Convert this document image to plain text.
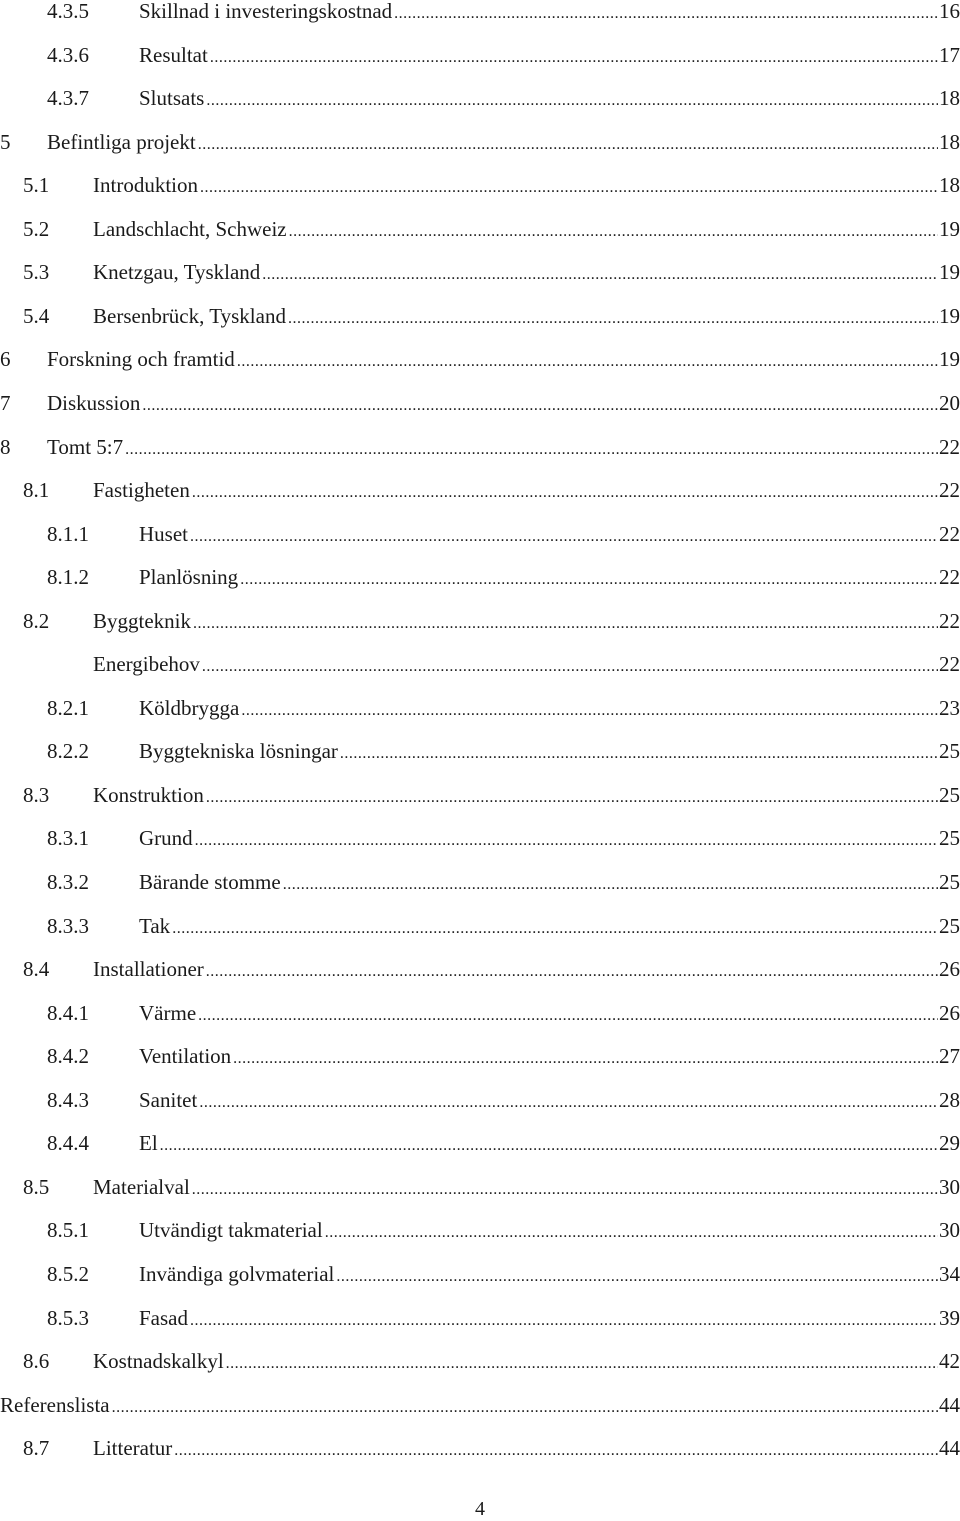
4.3.5	Skillnad i investeringskostnad .....	16
4.3.6	Resultat .....	17
4.3.7	Slutsats .....	18
5	Befintliga projekt .....	18
5.1	Introduktion .....	18
5.2	Landschlacht, Schweiz .....	19
5.3	Knetzgau, Tyskland .....	19
5.4	Bersenbrück, Tyskland .....	19
6	Forskning och framtid .....	19
7	Diskussion .....	20
8	Tomt 5:7 .....	22
8.1	Fastigheten .....	22
8.1.1	Huset .....	22
8.1.2	Planlösning .....	22
8.2	Byggteknik .....	22
Energibehov .....	22
8.2.1	Köldbrygga .....	23
8.2.2	Byggtekniska lösningar .....	25
8.3	Konstruktion .....	25
8.3.1	Grund .....	25
8.3.2	Bärande stomme .....	25
8.3.3	Tak .....	25
8.4	Installationer .....	26
8.4.1	Värme .....	26
8.4.2	Ventilation .....	27
8.4.3	Sanitet .....	28
8.4.4	El .....	29
8.5	Materialval .....	30
8.5.1	Utvändigt takmaterial .....	30
8.5.2	Invändiga golvmaterial .....	34
8.5.3	Fasad .....	39
8.6	Kostnadskalkyl .....	42
Referenslista .....	44
8.7	Litteratur .....	44
4
